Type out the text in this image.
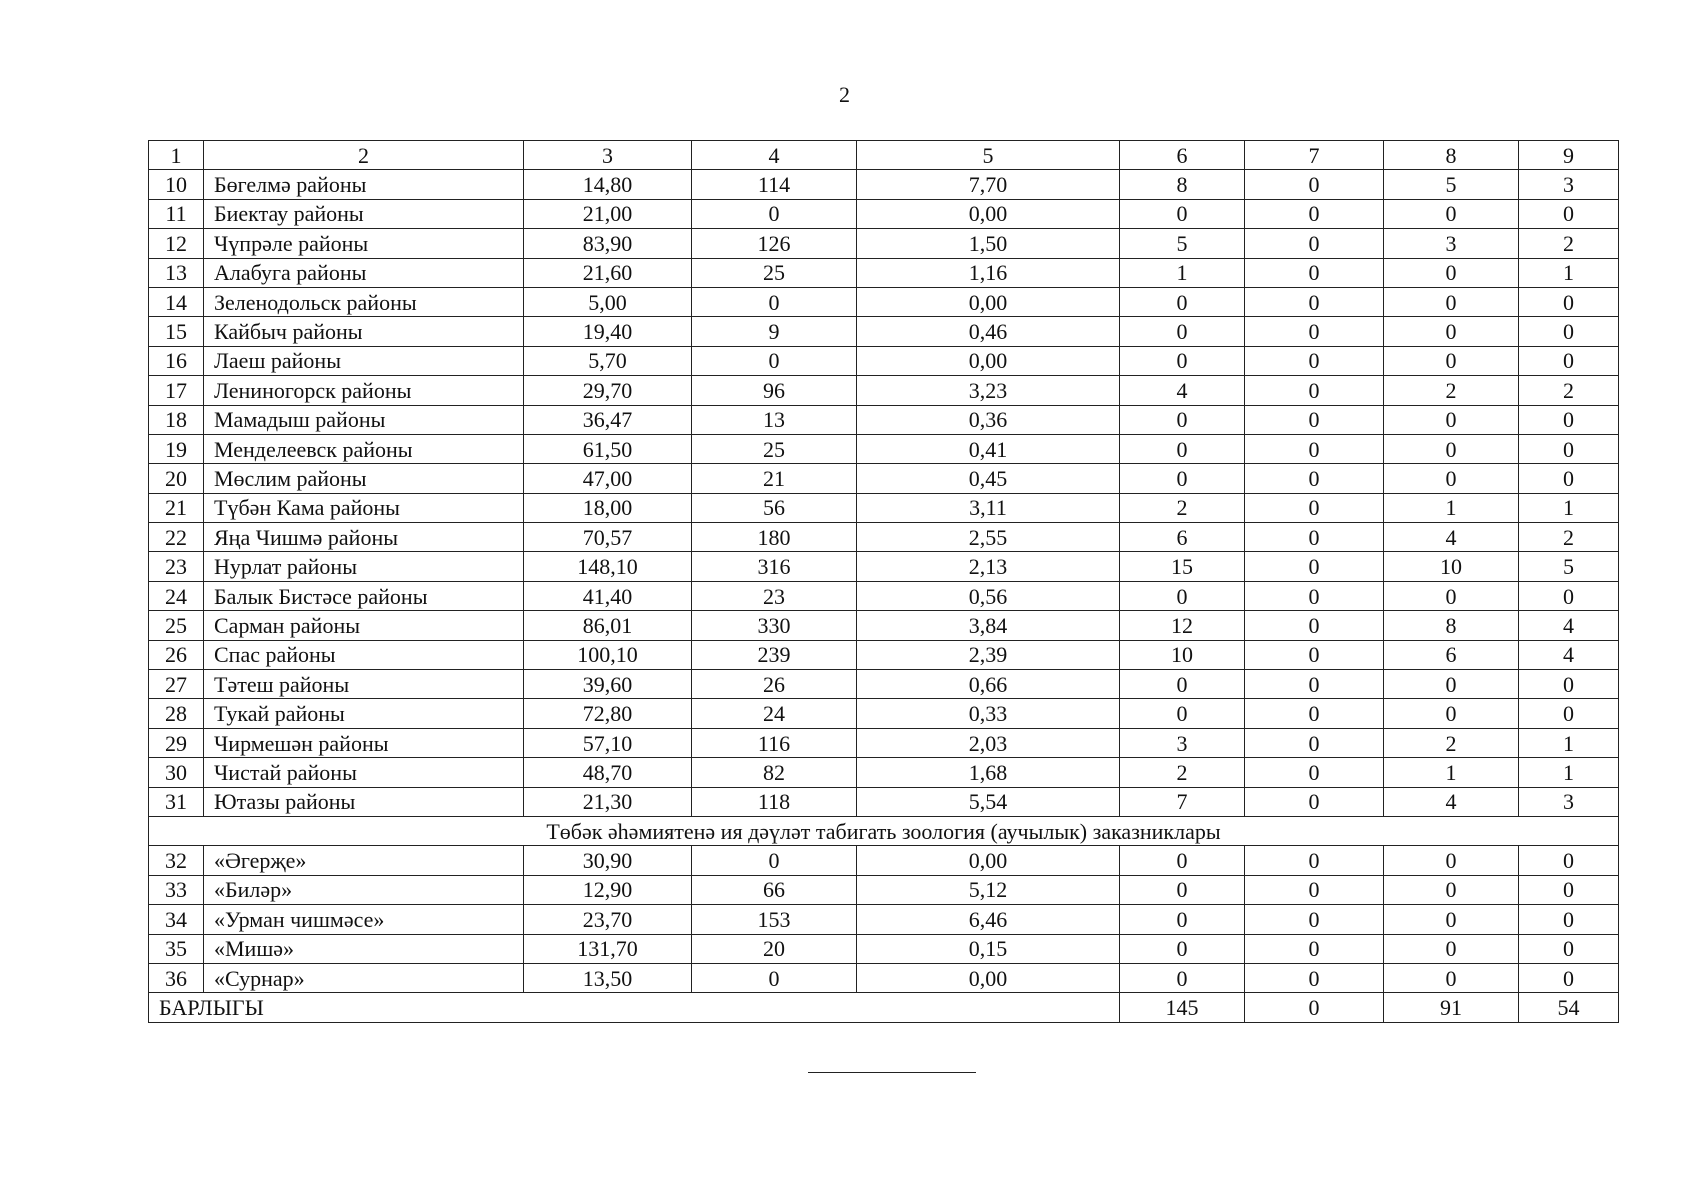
2
1	2	3	4	5	6	7	8	9
10	Бөгелмә районы	14,80	114	7,70	8	0	5	3
11	Биектау районы	21,00	0	0,00	0	0	0	0
12	Чүпрәле районы	83,90	126	1,50	5	0	3	2
13	Алабуга районы	21,60	25	1,16	1	0	0	1
14	Зеленодольск районы	5,00	0	0,00	0	0	0	0
15	Кайбыч районы	19,40	9	0,46	0	0	0	0
16	Лаеш районы	5,70	0	0,00	0	0	0	0
17	Лениногорск районы	29,70	96	3,23	4	0	2	2
18	Мамадыш районы	36,47	13	0,36	0	0	0	0
19	Менделеевск районы	61,50	25	0,41	0	0	0	0
20	Мөслим районы	47,00	21	0,45	0	0	0	0
21	Түбән Кама районы	18,00	56	3,11	2	0	1	1
22	Яңа Чишмә районы	70,57	180	2,55	6	0	4	2
23	Нурлат районы	148,10	316	2,13	15	0	10	5
24	Балык Бистәсе районы	41,40	23	0,56	0	0	0	0
25	Сарман районы	86,01	330	3,84	12	0	8	4
26	Спас районы	100,10	239	2,39	10	0	6	4
27	Тәтеш районы	39,60	26	0,66	0	0	0	0
28	Тукай районы	72,80	24	0,33	0	0	0	0
29	Чирмешән районы	57,10	116	2,03	3	0	2	1
30	Чистай районы	48,70	82	1,68	2	0	1	1
31	Ютазы районы	21,30	118	5,54	7	0	4	3
Төбәк әһәмиятенә ия дәүләт табигать зоология (аучылык) заказниклары								
32	«Әгерҗе»	30,90	0	0,00	0	0	0	0
33	«Биләр»	12,90	66	5,12	0	0	0	0
34	«Урман чишмәсе»	23,70	153	6,46	0	0	0	0
35	«Мишә»	131,70	20	0,15	0	0	0	0
36	«Сурнар»	13,50	0	0,00	0	0	0	0
БАРЛЫГЫ					145	0	91	54
